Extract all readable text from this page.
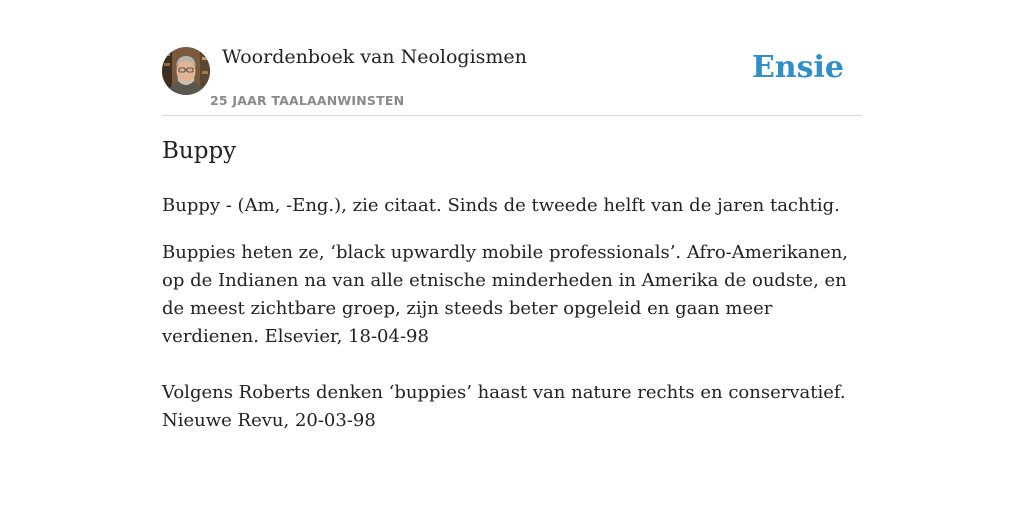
Woordenboek van Neologismen
25 JAAR TAALAANWINSTEN
Ensie
Buppy

Buppy - (Am, -Eng.), zie citaat. Sinds de tweede helft van de jaren tachtig.

Buppies heten ze, ‘black upwardly mobile professionals’. Afro-Amerikanen, op de Indianen na van alle etnische minderheden in Amerika de oudste, en de meest zichtbare groep, zijn steeds beter opgeleid en gaan meer verdienen. Elsevier, 18-04-98

Volgens Roberts denken ‘buppies’ haast van nature rechts en conservatief. Nieuwe Revu, 20-03-98
